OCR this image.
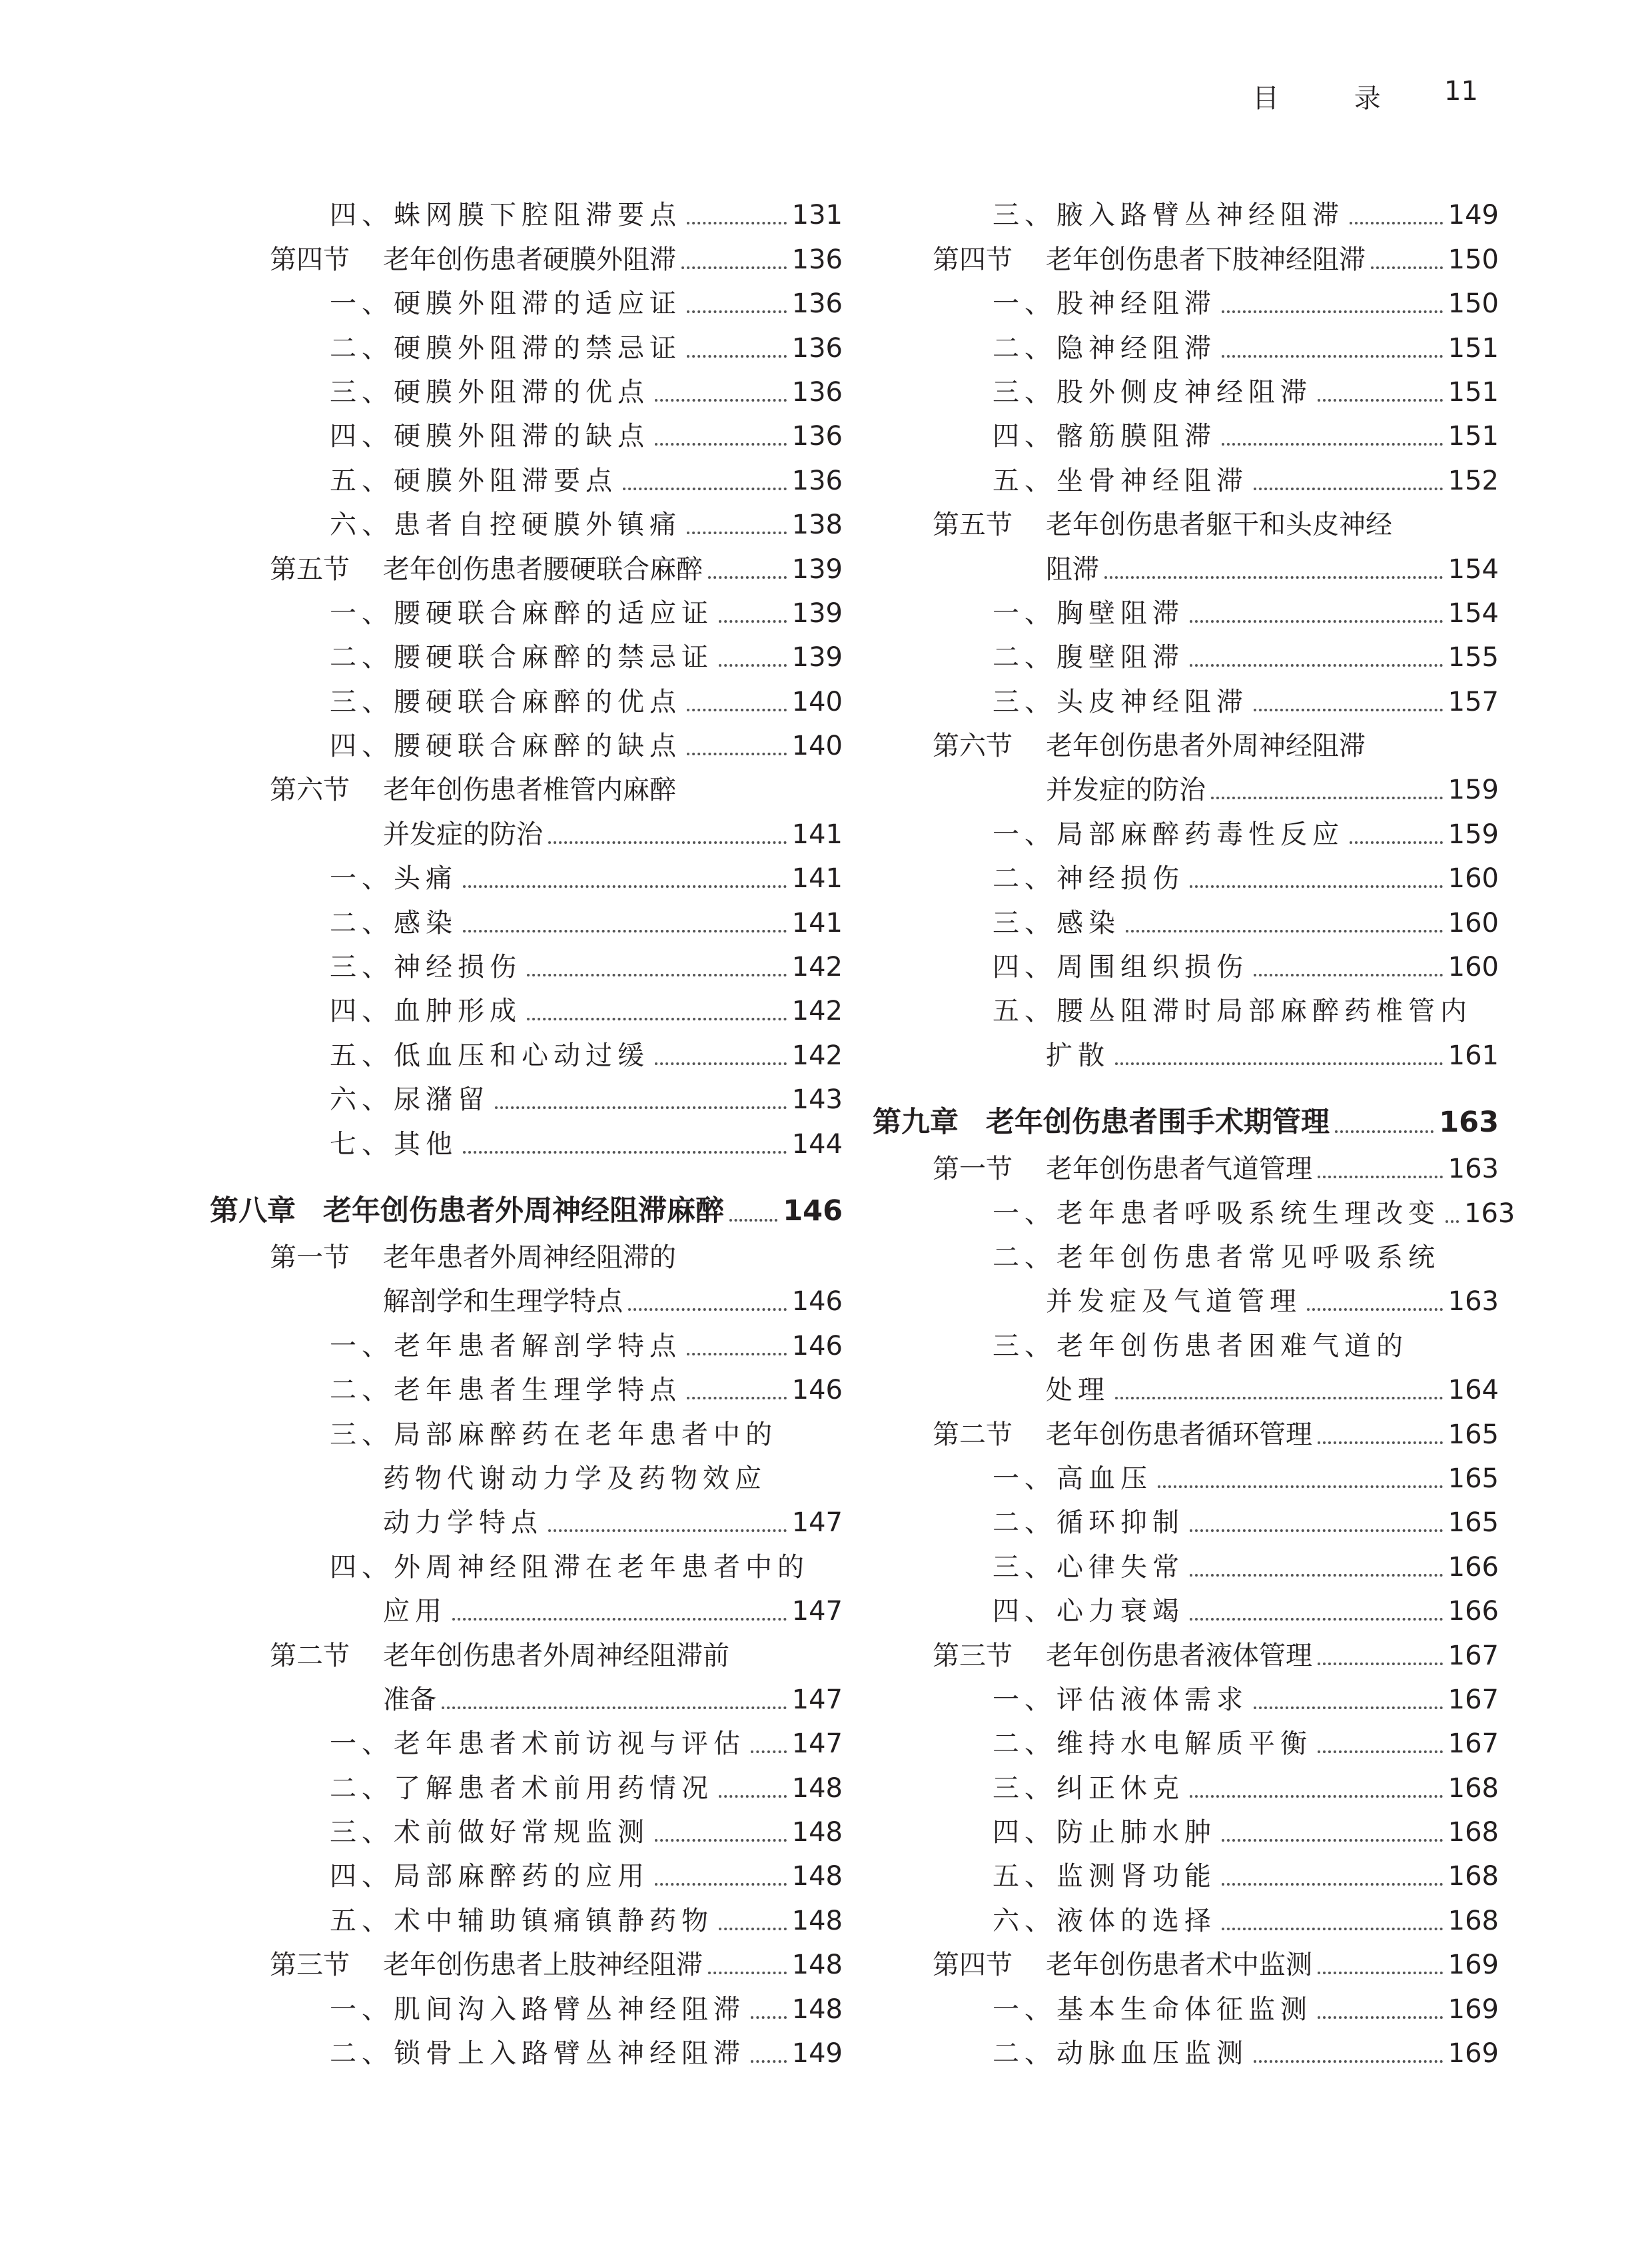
目 录 11
四、蛛网膜下腔阻滞要点	131
第四节 老年创伤患者硬膜外阻滞	136
一、硬膜外阻滞的适应证	136
二、硬膜外阻滞的禁忌证	136
三、硬膜外阻滞的优点	136
四、硬膜外阻滞的缺点	136
五、硬膜外阻滞要点	136
六、患者自控硬膜外镇痛	138
第五节 老年创伤患者腰硬联合麻醉	139
一、腰硬联合麻醉的适应证	139
二、腰硬联合麻醉的禁忌证	139
三、腰硬联合麻醉的优点	140
四、腰硬联合麻醉的缺点	140
第六节 老年创伤患者椎管内麻醉
并发症的防治	141
一、头痛	141
二、感染	141
三、神经损伤	142
四、血肿形成	142
五、低血压和心动过缓	142
六、尿潴留	143
七、其他	144
第八章 老年创伤患者外周神经阻滞麻醉 146
第一节 老年患者外周神经阻滞的
解剖学和生理学特点	146
一、老年患者解剖学特点	146
二、老年患者生理学特点	146
三、局部麻醉药在老年患者中的
药物代谢动力学及药物效应
动力学特点	147
四、外周神经阻滞在老年患者中的
应用	147
第二节 老年创伤患者外周神经阻滞前
准备	147
一、老年患者术前访视与评估 147
二、了解患者术前用药情况	148
三、术前做好常规监测	148
四、局部麻醉药的应用	148
五、术中辅助镇痛镇静药物	148
第三节 老年创伤患者上肢神经阻滞	148
一、肌间沟入路臂丛神经阻滞 148
二、锁骨上入路臂丛神经阻滞 149
三、腋入路臂丛神经阻滞	149
第四节 老年创伤患者下肢神经阻滞	150
一、股神经阻滞	150
二、隐神经阻滞	151
三、股外侧皮神经阻滞	151
四、髂筋膜阻滞	151
五、坐骨神经阻滞	152
第五节 老年创伤患者躯干和头皮神经
阻滞	154
一、胸壁阻滞	154
二、腹壁阻滞	155
三、头皮神经阻滞	157
第六节 老年创伤患者外周神经阻滞
并发症的防治	159
一、局部麻醉药毒性反应	159
二、神经损伤	160
三、感染	160
四、周围组织损伤	160
五、腰丛阻滞时局部麻醉药椎管内
扩散	161
第九章 老年创伤患者围手术期管理	163
第一节 老年创伤患者气道管理	163
一、老年患者呼吸系统生理改变 163
二、老年创伤患者常见呼吸系统
并发症及气道管理	163
三、老年创伤患者困难气道的
处理	164
第二节 老年创伤患者循环管理	165
一、高血压	165
二、循环抑制	165
三、心律失常	166
四、心力衰竭	166
第三节 老年创伤患者液体管理	167
一、评估液体需求	167
二、维持水电解质平衡	167
三、纠正休克	168
四、防止肺水肿	168
五、监测肾功能	168
六、液体的选择	168
第四节 老年创伤患者术中监测	169
一、基本生命体征监测	169
二、动脉血压监测	169
